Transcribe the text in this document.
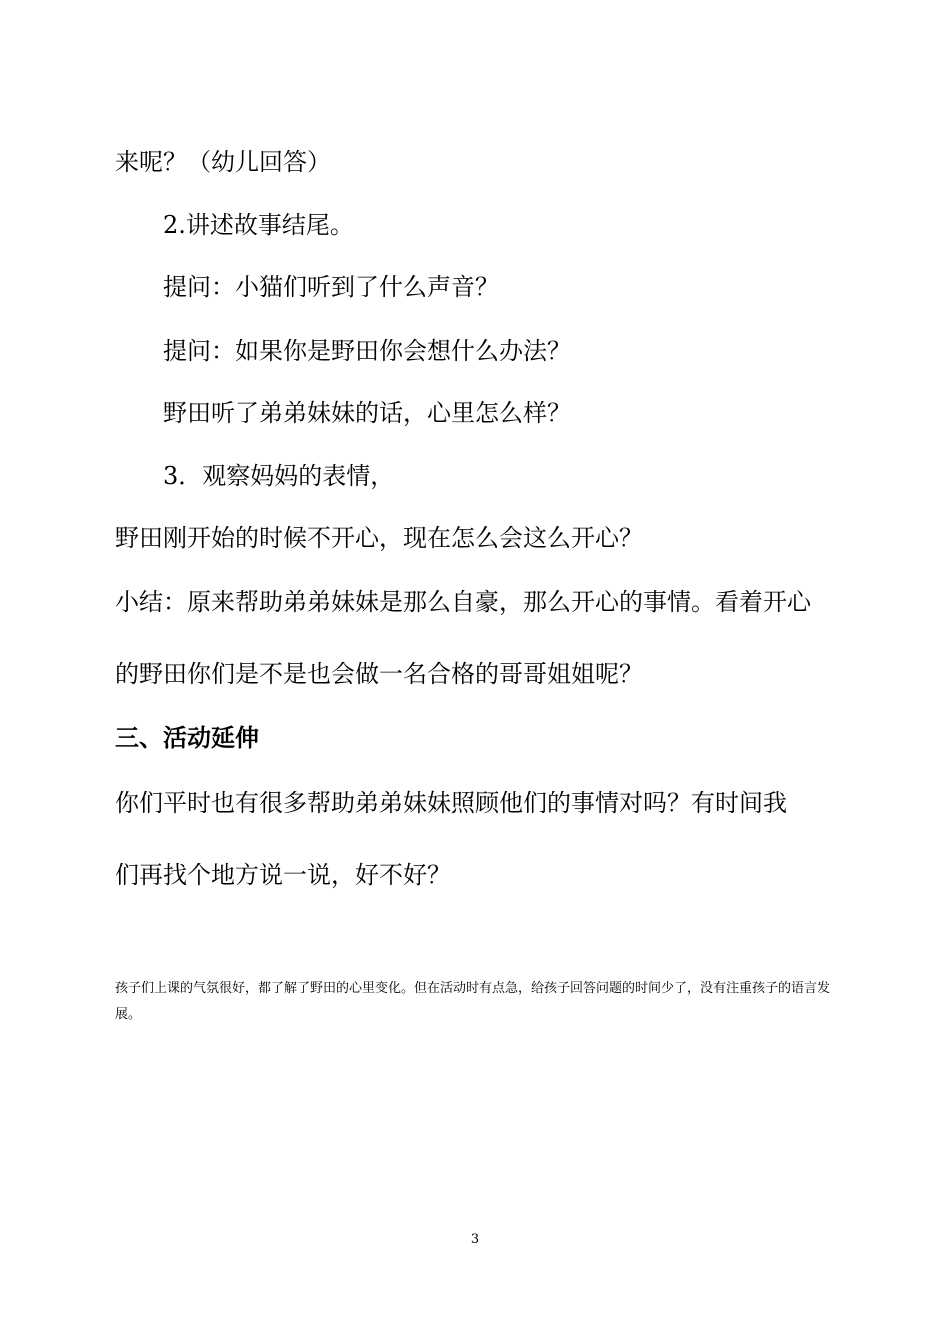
来呢？（幼儿回答）
2.讲述故事结尾。
提问：小猫们听到了什么声音？
提问：如果你是野田你会想什么办法？
野田听了弟弟妹妹的话，心里怎么样？
3．观察妈妈的表情，
野田刚开始的时候不开心，现在怎么会这么开心？
小结：原来帮助弟弟妹妹是那么自豪，那么开心的事情。看着开心
的野田你们是不是也会做一名合格的哥哥姐姐呢？
三、活动延伸
你们平时也有很多帮助弟弟妹妹照顾他们的事情对吗？有时间我
们再找个地方说一说，好不好？
孩子们上课的气氛很好，都了解了野田的心里变化。但在活动时有点急，给孩子回答问题的时间少了，没有注重孩子的语言发展。
3
